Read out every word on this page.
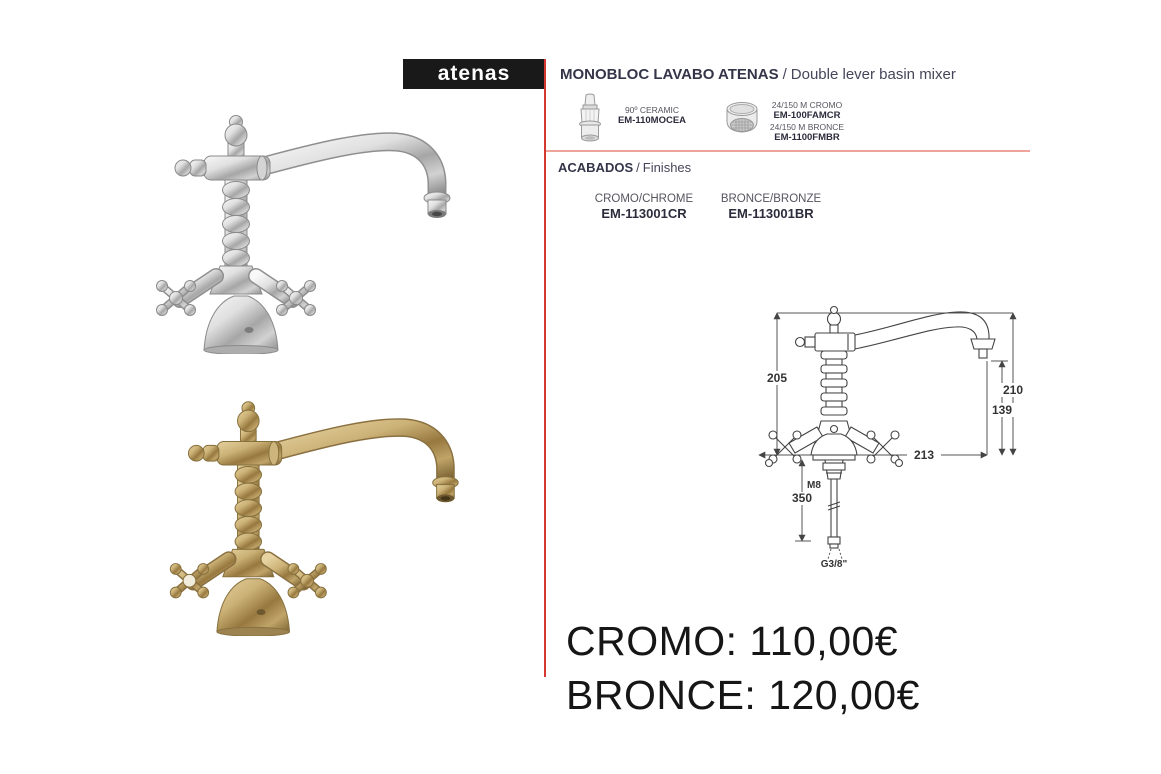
atenas	MONOBLOC LAVABO ATENAS / Double lever basin mixer
90º CERAMIC
EM-110MOCEA
24/150 M CROMO
EM-100FAMCR
24/150 M BRONCE
EM-1100FMBR
ACABADOS / Finishes
CROMO/CHROME
EM-113001CR
BRONCE/BRONZE
EM-113001BR
205
210
139
213
M8
350
G3/8"
CROMO: 110,00€
BRONCE: 120,00€
